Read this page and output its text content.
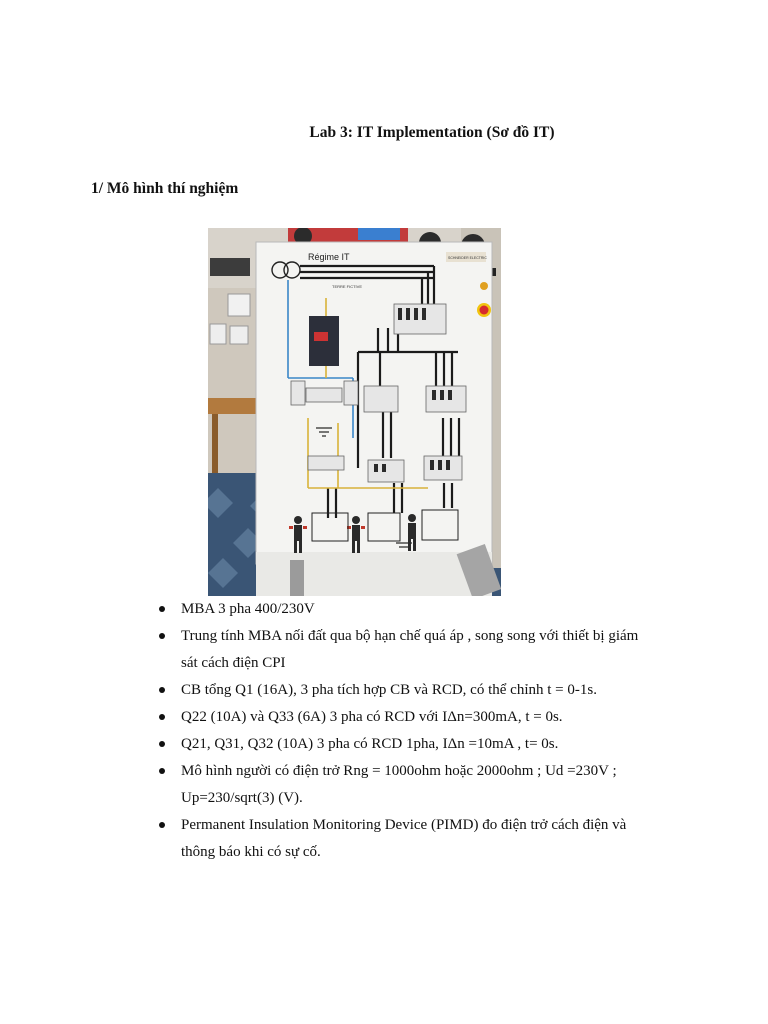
Lab 3: IT Implementation (Sơ đồ IT)
1/ Mô hình thí nghiệm
Régime IT	SCHNEIDER ELECTRIC
TERRE FICTIVE
MBA 3 pha 400/230V
Trung tính MBA nối đất qua bộ hạn chế quá áp , song song với thiết bị giám
sát cách điện CPI
CB tổng Q1 (16A), 3 pha tích hợp CB và RCD, có thể chỉnh t = 0-1s.
Q22 (10A) và Q33 (6A) 3 pha có RCD với IΔn=300mA, t = 0s.
Q21, Q31, Q32 (10A) 3 pha có RCD 1pha, IΔn =10mA , t= 0s.
Mô hình người có điện trở Rng = 1000ohm hoặc 2000ohm ; Ud =230V ;
Up=230/sqrt(3) (V).
Permanent Insulation Monitoring Device (PIMD) đo điện trở cách điện và
thông báo khi có sự cố.
